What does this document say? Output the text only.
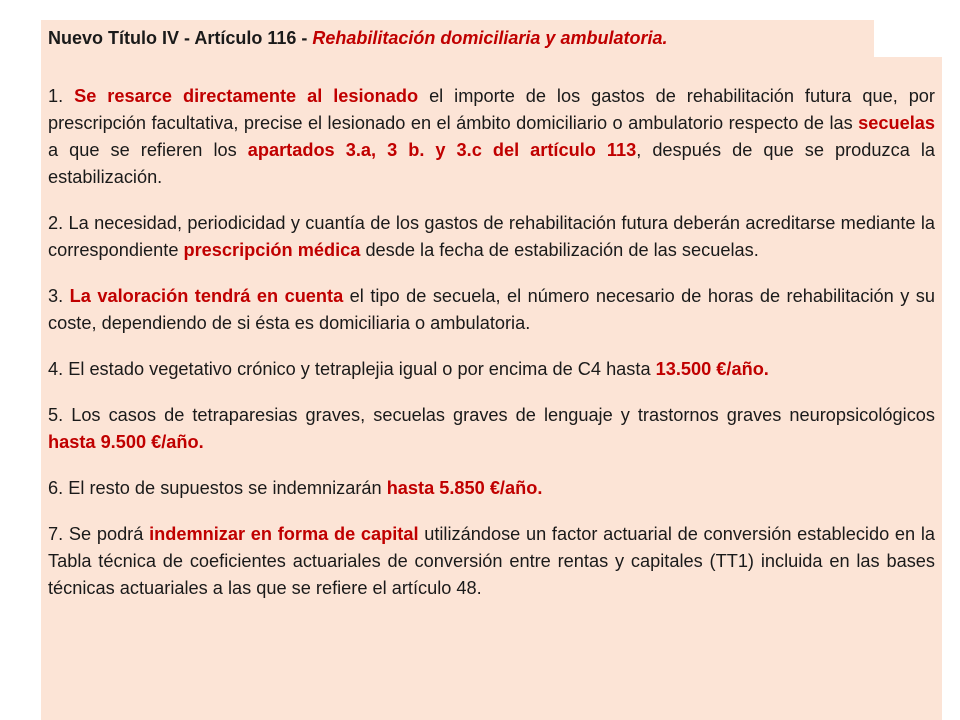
Nuevo Título IV - Artículo 116 - Rehabilitación domiciliaria y ambulatoria.

1. Se resarce directamente al lesionado el importe de los gastos de rehabilitación futura que, por prescripción facultativa, precise el lesionado en el ámbito domiciliario o ambulatorio respecto de las secuelas a que se refieren los apartados 3.a, 3 b. y 3.c del artículo 113, después de que se produzca la estabilización.

2. La necesidad, periodicidad y cuantía de los gastos de rehabilitación futura deberán acreditarse mediante la correspondiente prescripción médica desde la fecha de estabilización de las secuelas.

3. La valoración tendrá en cuenta el tipo de secuela, el número necesario de horas de rehabilitación y su coste, dependiendo de si ésta es domiciliaria o ambulatoria.

4. El estado vegetativo crónico y tetraplejia igual o por encima de C4 hasta 13.500 €/año.

5. Los casos de tetraparesias graves, secuelas graves de lenguaje y trastornos graves neuropsicológicos hasta 9.500 €/año.

6. El resto de supuestos se indemnizarán hasta 5.850 €/año.

7. Se podrá indemnizar en forma de capital utilizándose un factor actuarial de conversión establecido en la Tabla técnica de coeficientes actuariales de conversión entre rentas y capitales (TT1) incluida en las bases técnicas actuariales a las que se refiere el artículo 48.
